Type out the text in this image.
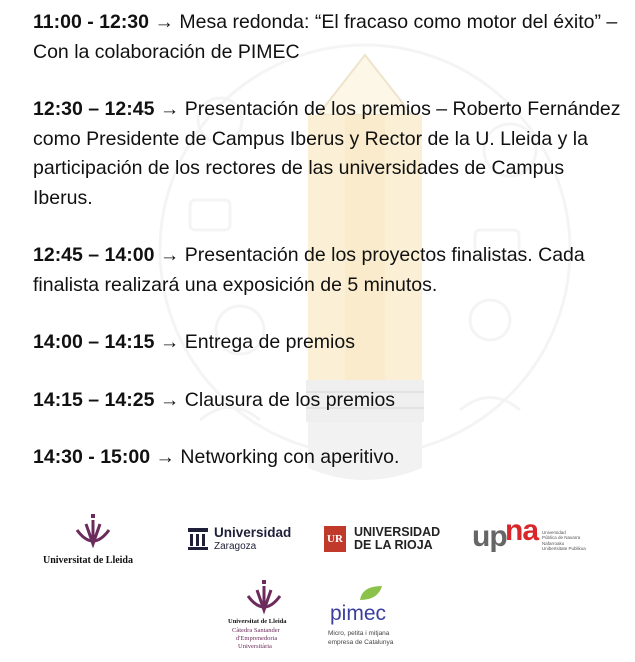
11:00 - 12:30 → Mesa redonda: “El fracaso como motor del éxito” – Con la colaboración de PIMEC

12:30 – 12:45 → Presentación de los premios – Roberto Fernández como Presidente de Campus Iberus y Rector de la U. Lleida y la participación de los rectores de las universidades de Campus Iberus.

12:45 – 14:00 → Presentación de los proyectos finalistas. Cada finalista realizará una exposición de 5 minutos.

14:00 – 14:15 → Entrega de premios

14:15 – 14:25 → Clausura de los premios

14:30 - 15:00 → Networking con aperitivo.

Universitat de Lleida
Universidad
Zaragoza
UR UNIVERSIDAD
DE LA RIOJA up
na Universidad
Pública de Navarra
Nafarroako
Unibertsitate Publikoa
Universitat de Lleida
Càtedra Santander
d'Emprenedoria
Universitària
pimec
Micro, petita i mitjana
empresa de Catalunya
